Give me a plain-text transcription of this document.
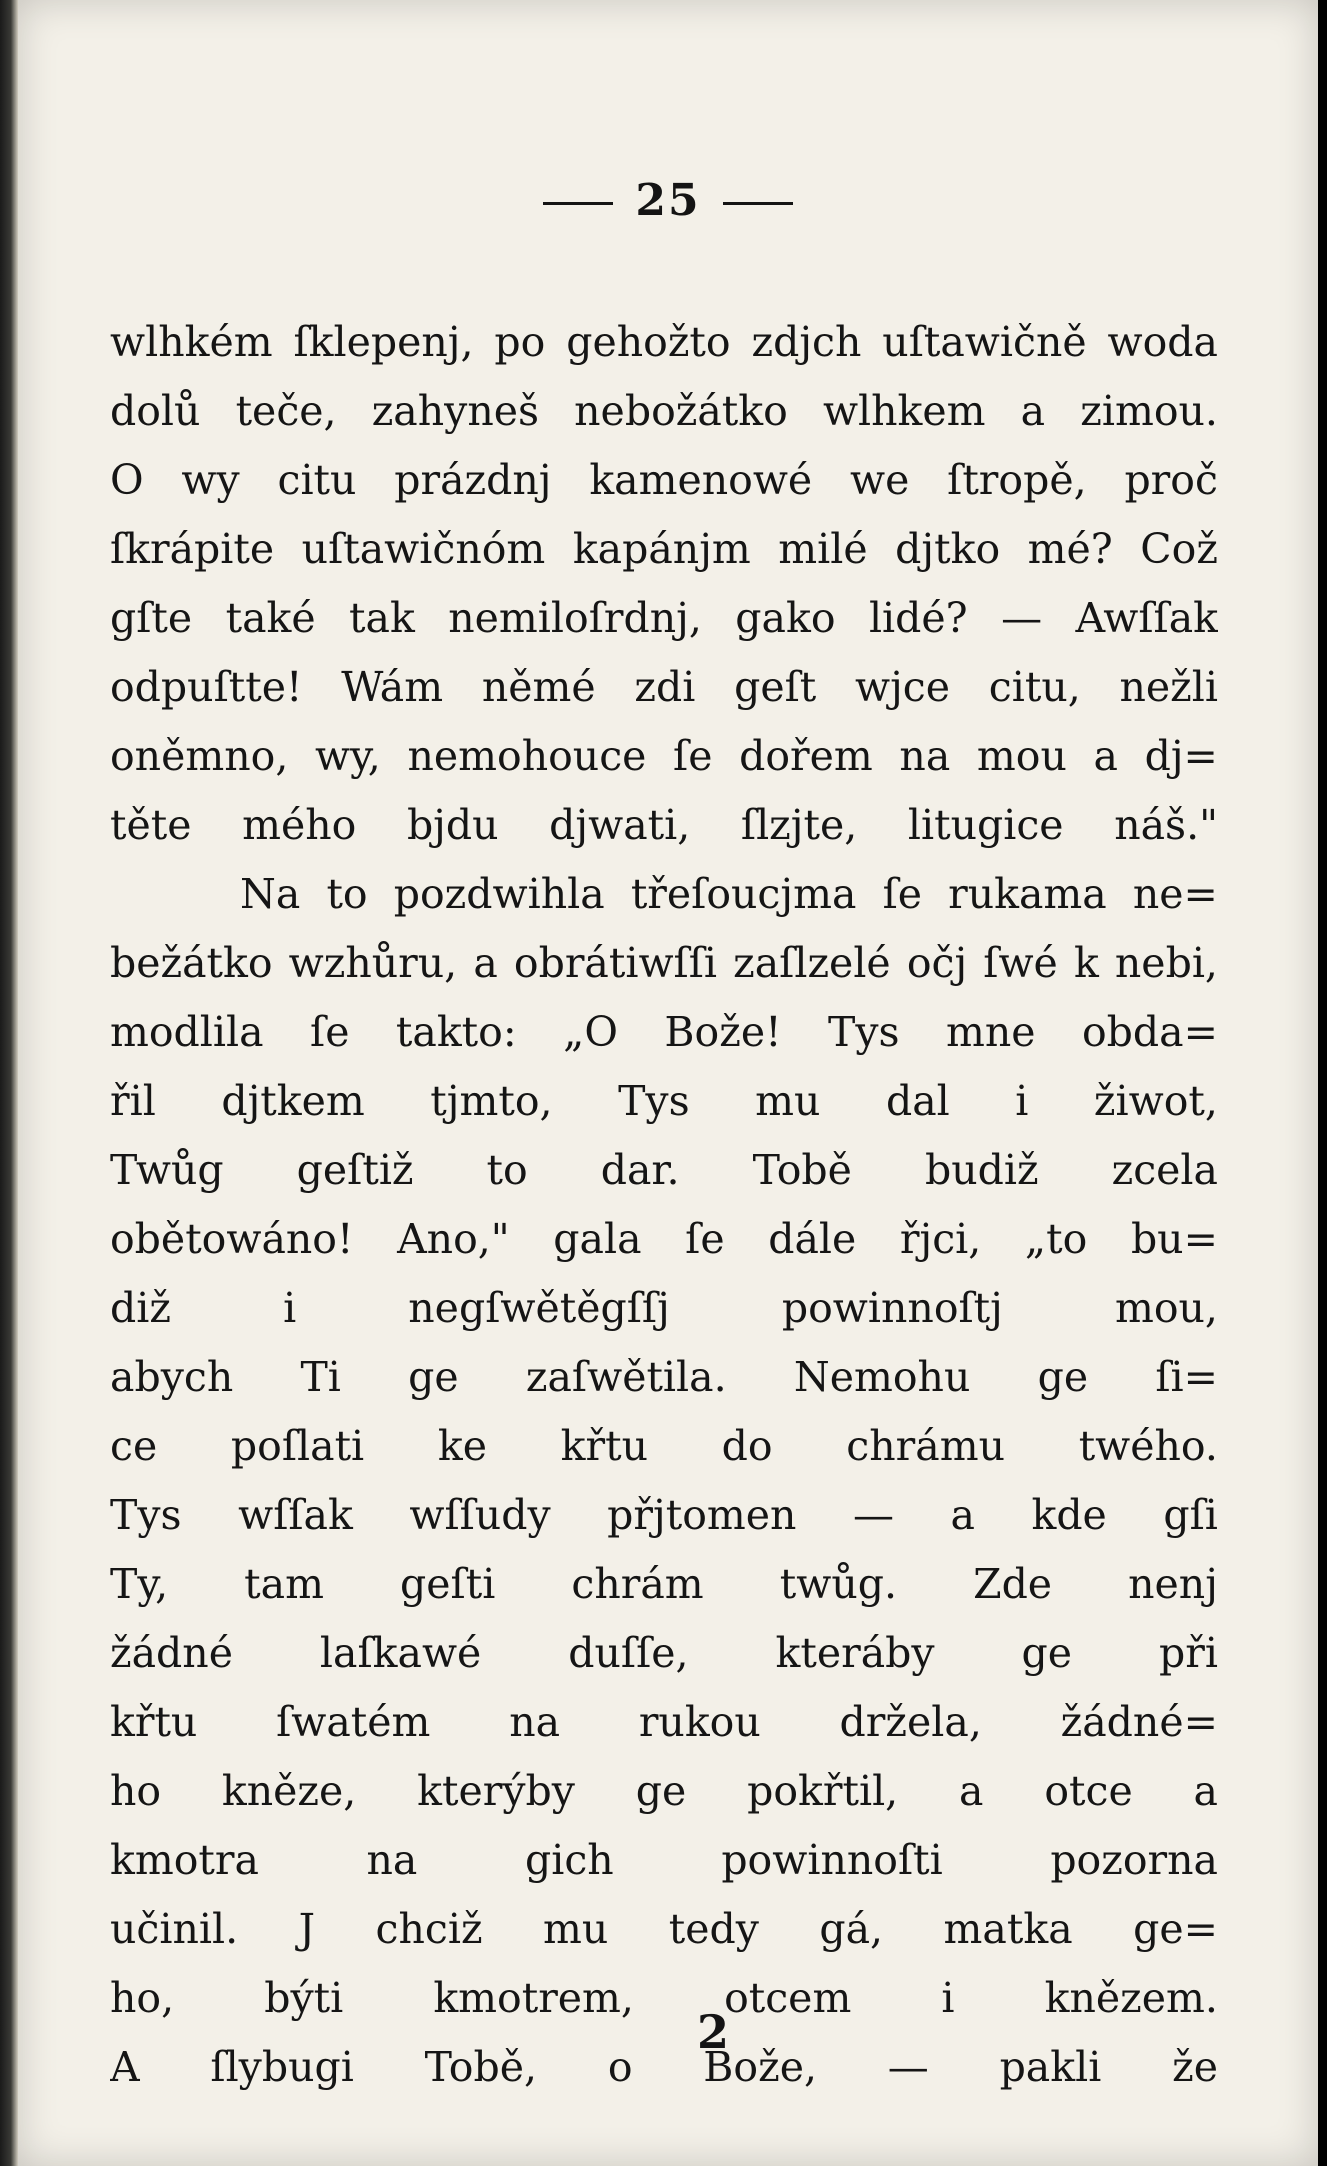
25
wlhkém ſklepenj, po gehožto zdjch uſtawičně woda
dolů teče, zahyneš nebožátko wlhkem a zimou.
O wy citu prázdnj kamenowé we ſtropě, proč
ſkrápite uſtawičnóm kapánjm milé djtko mé? Což
gſte také tak nemiloſrdnj, gako lidé? — Awſſak
odpuſtte! Wám němé zdi geſt wjce citu, nežli
oněmno, wy, nemohouce ſe dořem na mou a dj=
těte mého bjdu djwati, ſlzjte, litugice náš."
Na to pozdwihla třeſoucjma ſe rukama ne=
bežátko wzhůru, a obrátiwſſi zaſlzelé očj ſwé k nebi,
modlila ſe takto: „O Bože! Tys mne obda=
řil djtkem tjmto, Tys mu dal i žiwot,
Twůg geſtiž to dar. Tobě budiž zcela
obětowáno! Ano," gala ſe dále řjci, „to bu=
diž	i	negſwětěgſſj	powinnoſtj	mou,
abych Ti ge zaſwětila. Nemohu ge ſi=
ce poſlati ke křtu do chrámu twého.
Tys wſſak wſſudy přjtomen — a kde gſi
Ty, tam geſti chrám twůg. Zde nenj
žádné laſkawé duſſe, kteráby ge při
křtu ſwatém na rukou držela, žádné=
ho kněze, kterýby ge pokřtil, a otce a
kmotra	na	gich	powinnoſti	pozorna
učinil. J chciž mu tedy gá, matka ge=
ho, býti kmotrem, otcem i knězem.
A ſlybugi Tobě, o Bože, — pakli že
2
